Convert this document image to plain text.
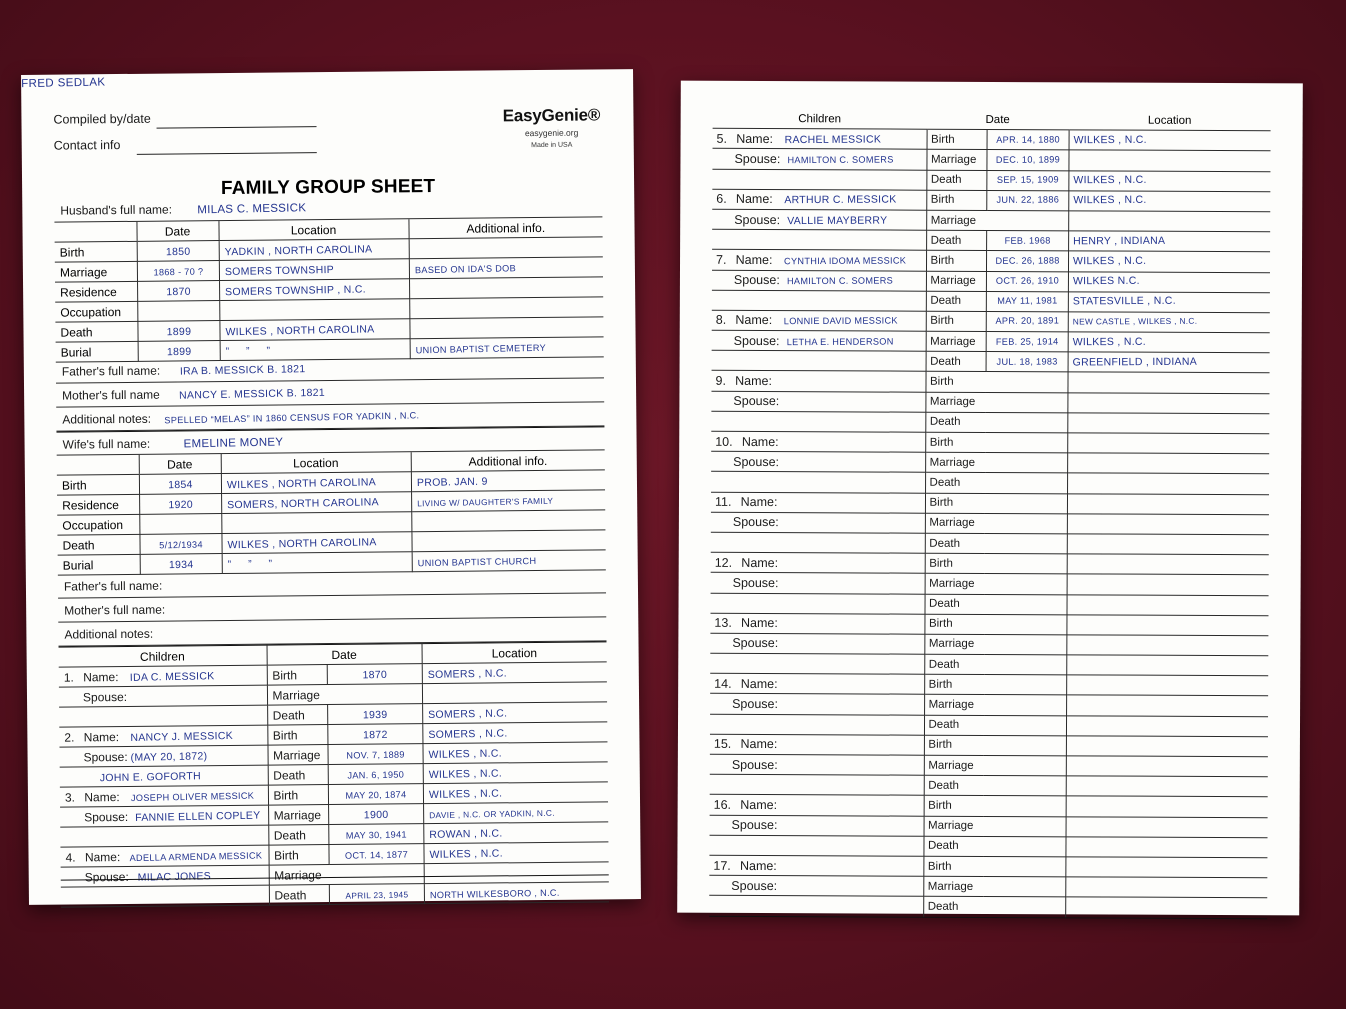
Compiled by/date
FRED SEDLAK
Contact info
EasyGenie®
easygenie.org
Made in USA
FAMILY GROUP SHEET
Husband's full name: MILAS C. MESSICK
	Date	Location	Additional info.
Birth	1850	YADKIN , NORTH CAROLINA	
Marriage	1868 - 70 ?	SOMERS TOWNSHIP	BASED ON IDA'S DOB
Residence	1870	SOMERS TOWNSHIP , N.C.	
Occupation			
Death	1899	WILKES , NORTH CAROLINA	
Burial	1899	” ” ”	UNION BAPTIST CEMETERY
Father's full name: IRA B. MESSICK B. 1821
Mother's full name NANCY E. MESSICK B. 1821
Additional notes: SPELLED “MELAS” IN 1860 CENSUS FOR YADKIN , N.C.
Wife's full name:	EMELINE MONEY
	Date	Location	Additional info.
Birth	1854	WILKES , NORTH CAROLINA	PROB. JAN. 9
Residence	1920	SOMERS, NORTH CAROLINA	LIVING W/ DAUGHTER'S FAMILY
Occupation			
Death	5/12/1934	WILKES , NORTH CAROLINA	
Burial	1934	” ” ”	UNION BAPTIST CHURCH
Father's full name:
Mother's full name:
Additional notes:
Children	Date		Location
1. Name: IDA C. MESSICK	Birth	1870	SOMERS , N.C.
Spouse:	Marriage		
	Death	1939	SOMERS , N.C.
2. Name: NANCY J. MESSICK	Birth	1872	SOMERS , N.C.
Spouse: (MAY 20, 1872)	Marriage	NOV. 7, 1889	WILKES , N.C.
JOHN E. GOFORTH	Death	JAN. 6, 1950	WILKES , N.C.
3. Name: JOSEPH OLIVER MESSICK	Birth	MAY 20, 1874	WILKES , N.C.
Spouse: FANNIE ELLEN COPLEY	Marriage	1900	DAVIE , N.C. OR YADKIN, N.C.
	Death	MAY 30, 1941	ROWAN , N.C.
4. Name: ADELLA ARMENDA MESSICK	Birth	OCT. 14, 1877	WILKES , N.C.
Spouse: MILAC JONES	Marriage		
	Death	APRIL 23, 1945	NORTH WILKESBORO , N.C.
Children	Date		Location
5. Name: RACHEL MESSICK	Birth	APR. 14, 1880	WILKES , N.C.
Spouse: HAMILTON C. SOMERS	Marriage	DEC. 10, 1899	
	Death	SEP. 15, 1909	WILKES , N.C.
6. Name: ARTHUR C. MESSICK	Birth	JUN. 22, 1886	WILKES , N.C.
Spouse: VALLIE MAYBERRY	Marriage		
	Death	FEB. 1968	HENRY , INDIANA
7. Name: CYNTHIA IDOMA MESSICK	Birth	DEC. 26, 1888	WILKES , N.C.
Spouse: HAMILTON C. SOMERS	Marriage	OCT. 26, 1910	WILKES N.C.
	Death	MAY 11, 1981	STATESVILLE , N.C.
8. Name: LONNIE DAVID MESSICK	Birth	APR. 20, 1891	NEW CASTLE , WILKES , N.C.
Spouse: LETHA E. HENDERSON	Marriage	FEB. 25, 1914	WILKES , N.C.
	Death	JUL. 18, 1983	GREENFIELD , INDIANA
9. Name:	Birth		
Spouse:	Marriage		
	Death		
10. Name:	Birth		
Spouse:	Marriage		
	Death		
11. Name:	Birth		
Spouse:	Marriage		
	Death		
12. Name:	Birth		
Spouse:	Marriage		
	Death		
13. Name:	Birth		
Spouse:	Marriage		
	Death		
14. Name:	Birth		
Spouse:	Marriage		
	Death		
15. Name:	Birth		
Spouse:	Marriage		
	Death		
16. Name:	Birth		
Spouse:	Marriage		
	Death		
17. Name:	Birth		
Spouse:	Marriage		
	Death		
